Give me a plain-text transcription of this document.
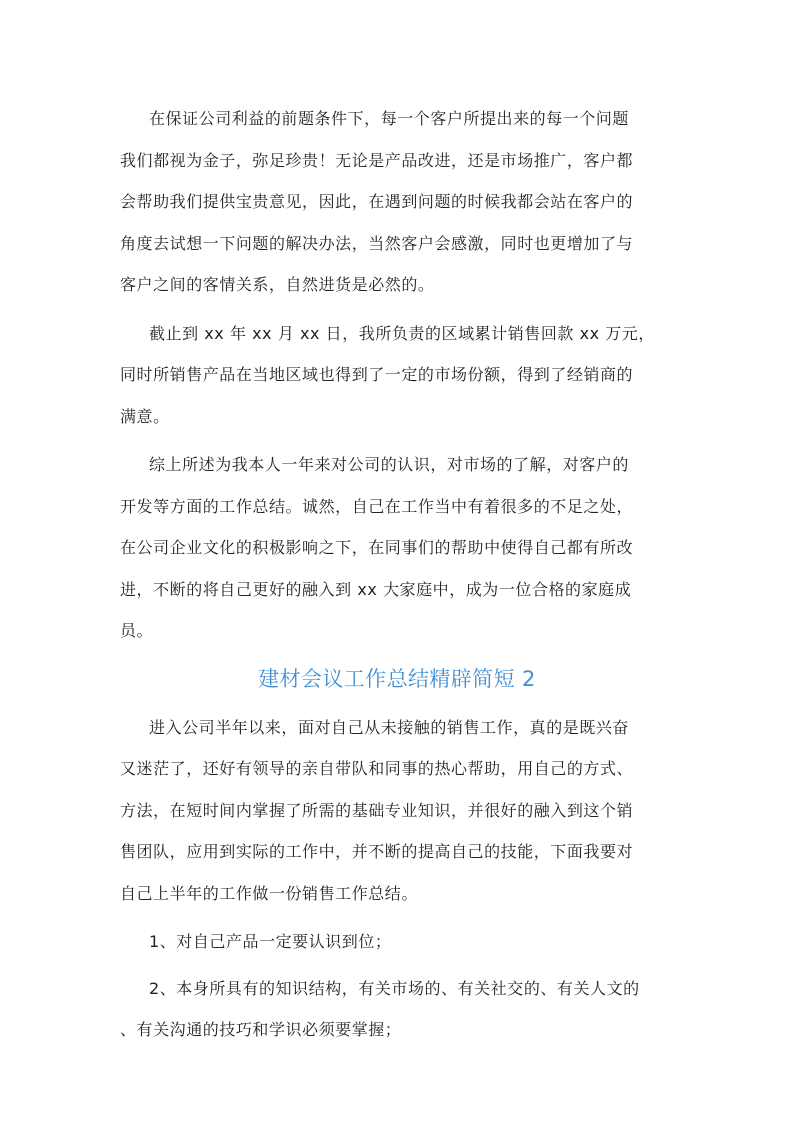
在保证公司利益的前题条件下，每一个客户所提出来的每一个问题
我们都视为金子，弥足珍贵！无论是产品改进，还是市场推广，客户都
会帮助我们提供宝贵意见，因此，在遇到问题的时候我都会站在客户的
角度去试想一下问题的解决办法，当然客户会感激，同时也更增加了与
客户之间的客情关系，自然进货是必然的。
截止到 xx 年 xx 月 xx 日，我所负责的区域累计销售回款 xx 万元，
同时所销售产品在当地区域也得到了一定的市场份额，得到了经销商的
满意。
综上所述为我本人一年来对公司的认识，对市场的了解，对客户的
开发等方面的工作总结。诚然，自己在工作当中有着很多的不足之处，
在公司企业文化的积极影响之下，在同事们的帮助中使得自己都有所改
进，不断的将自己更好的融入到 xx 大家庭中，成为一位合格的家庭成
员。
建材会议工作总结精辟简短 2
进入公司半年以来，面对自己从未接触的销售工作，真的是既兴奋
又迷茫了，还好有领导的亲自带队和同事的热心帮助，用自己的方式、
方法，在短时间内掌握了所需的基础专业知识，并很好的融入到这个销
售团队，应用到实际的工作中，并不断的提高自己的技能，下面我要对
自己上半年的工作做一份销售工作总结。
1、对自己产品一定要认识到位；
2、本身所具有的知识结构，有关市场的、有关社交的、有关人文的
、有关沟通的技巧和学识必须要掌握；
